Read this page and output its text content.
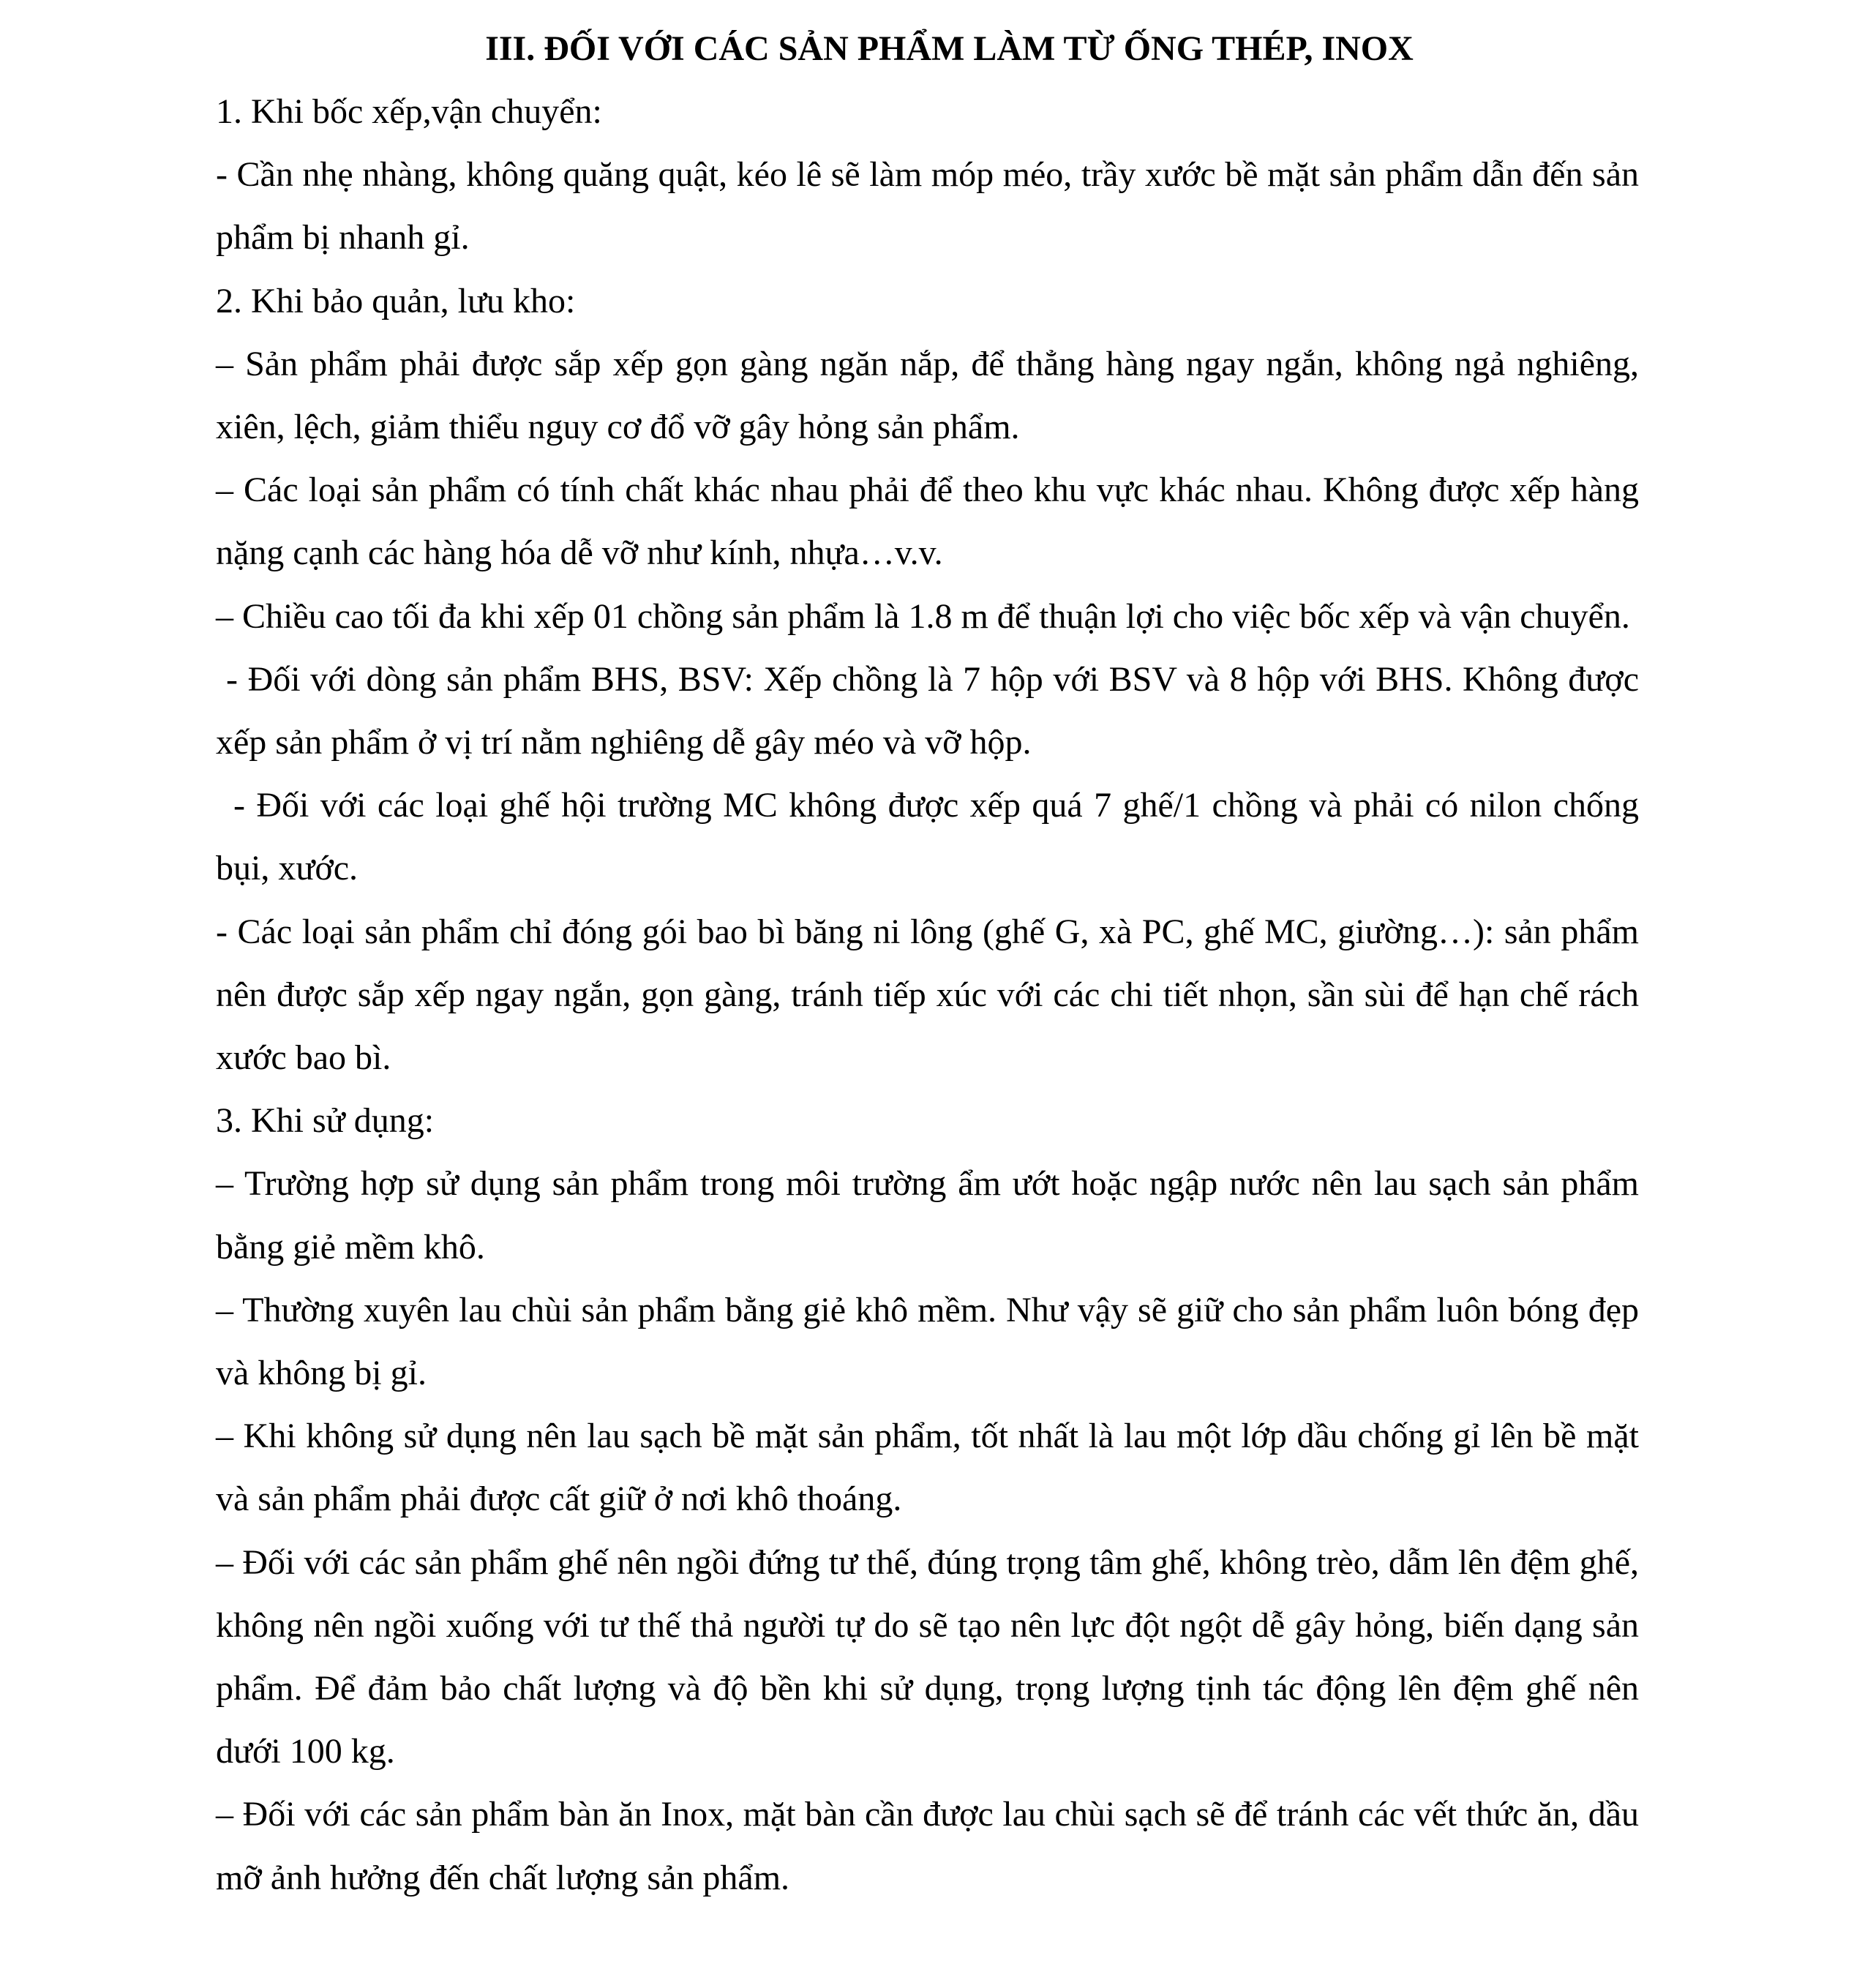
III. ĐỐI VỚI CÁC SẢN PHẨM LÀM TỪ ỐNG THÉP, INOX

1. Khi bốc xếp,vận chuyển:

- Cần nhẹ nhàng, không quăng quật, kéo lê sẽ làm móp méo, trầy xước bề mặt sản phẩm dẫn đến sản phẩm bị nhanh gỉ.

2. Khi bảo quản, lưu kho:

– Sản phẩm phải được sắp xếp gọn gàng ngăn nắp, để thẳng hàng ngay ngắn, không ngả nghiêng, xiên, lệch, giảm thiểu nguy cơ đổ vỡ gây hỏng sản phẩm.

– Các loại sản phẩm có tính chất khác nhau phải để theo khu vực khác nhau. Không được xếp hàng nặng cạnh các hàng hóa dễ vỡ như kính, nhựa…v.v.

– Chiều cao tối đa khi xếp 01 chồng sản phẩm là 1.8 m để thuận lợi cho việc bốc xếp và vận chuyển.

- Đối với dòng sản phẩm BHS, BSV: Xếp chồng là 7 hộp với BSV và 8 hộp với BHS. Không được xếp sản phẩm ở vị trí nằm nghiêng dễ gây méo và vỡ hộp.

- Đối với các loại ghế hội trường MC không được xếp quá 7 ghế/1 chồng và phải có nilon chống bụi, xước.

- Các loại sản phẩm chỉ đóng gói bao bì băng ni lông (ghế G, xà PC, ghế MC, giường…): sản phẩm nên được sắp xếp ngay ngắn, gọn gàng, tránh tiếp xúc với các chi tiết nhọn, sần sùi để hạn chế rách xước bao bì.

3. Khi sử dụng:

– Trường hợp sử dụng sản phẩm trong môi trường ẩm ướt hoặc ngập nước nên lau sạch sản phẩm bằng giẻ mềm khô.

– Thường xuyên lau chùi sản phẩm bằng giẻ khô mềm. Như vậy sẽ giữ cho sản phẩm luôn bóng đẹp và không bị gỉ.

– Khi không sử dụng nên lau sạch bề mặt sản phẩm, tốt nhất là lau một lớp dầu chống gỉ lên bề mặt và sản phẩm phải được cất giữ ở nơi khô thoáng.

– Đối với các sản phẩm ghế nên ngồi đứng tư thế, đúng trọng tâm ghế, không trèo, dẫm lên đệm ghế, không nên ngồi xuống với tư thế thả người tự do sẽ tạo nên lực đột ngột dễ gây hỏng, biến dạng sản phẩm. Để đảm bảo chất lượng và độ bền khi sử dụng, trọng lượng tịnh tác động lên đệm ghế nên dưới 100 kg.

– Đối với các sản phẩm bàn ăn Inox, mặt bàn cần được lau chùi sạch sẽ để tránh các vết thức ăn, dầu mỡ ảnh hưởng đến chất lượng sản phẩm.
